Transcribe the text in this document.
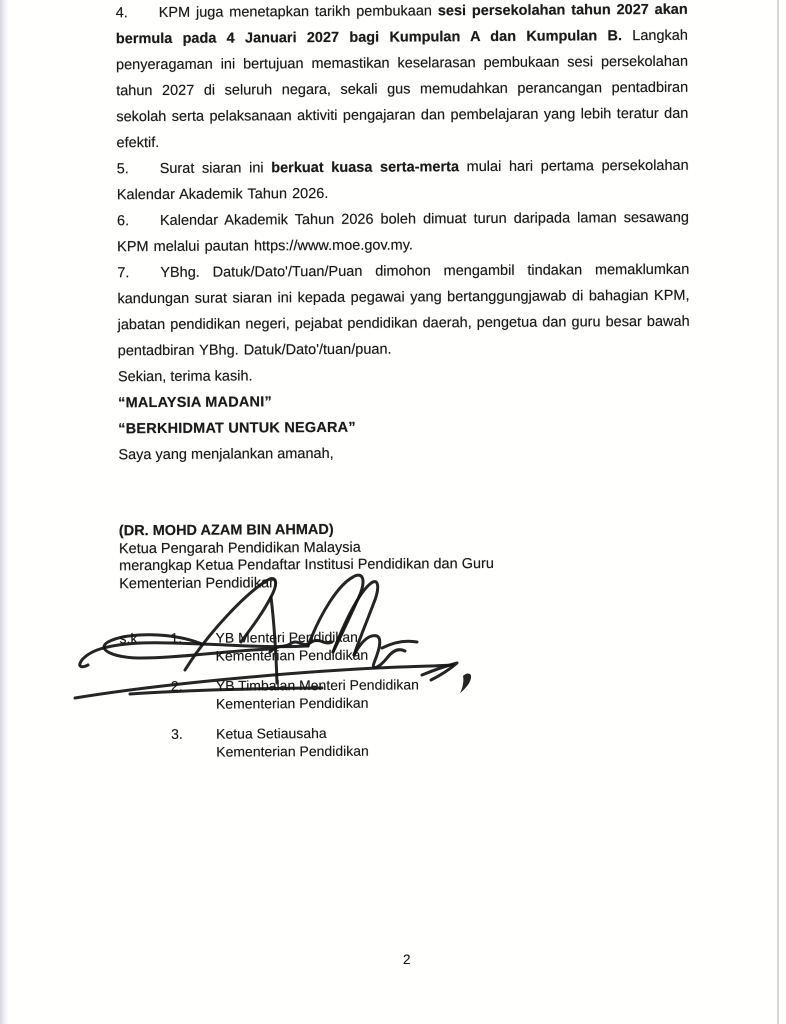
4. KPM juga menetapkan tarikh pembukaan sesi persekolahan tahun 2027 akan bermula pada 4 Januari 2027 bagi Kumpulan A dan Kumpulan B. Langkah penyeragaman ini bertujuan memastikan keselarasan pembukaan sesi persekolahan tahun 2027 di seluruh negara, sekali gus memudahkan perancangan pentadbiran sekolah serta pelaksanaan aktiviti pengajaran dan pembelajaran yang lebih teratur dan efektif.

5. Surat siaran ini berkuat kuasa serta-merta mulai hari pertama persekolahan Kalendar Akademik Tahun 2026.

6. Kalendar Akademik Tahun 2026 boleh dimuat turun daripada laman sesawang KPM melalui pautan https://www.moe.gov.my.

7. YBhg. Datuk/Dato'/Tuan/Puan dimohon mengambil tindakan memaklumkan kandungan surat siaran ini kepada pegawai yang bertanggungjawab di bahagian KPM, jabatan pendidikan negeri, pejabat pendidikan daerah, pengetua dan guru besar bawah pentadbiran YBhg. Datuk/Dato'/tuan/puan.

Sekian, terima kasih.

“MALAYSIA MADANI”

“BERKHIDMAT UNTUK NEGARA”

Saya yang menjalankan amanah,

(DR. MOHD AZAM BIN AHMAD)

Ketua Pengarah Pendidikan Malaysia

merangkap Ketua Pendaftar Institusi Pendidikan dan Guru

Kementerian Pendidikan

s.k.	1.	YB Menteri Pendidikan
Kementerian Pendidikan
2.	YB Timbalan Menteri Pendidikan
Kementerian Pendidikan
3.	Ketua Setiausaha
Kementerian Pendidikan
2
